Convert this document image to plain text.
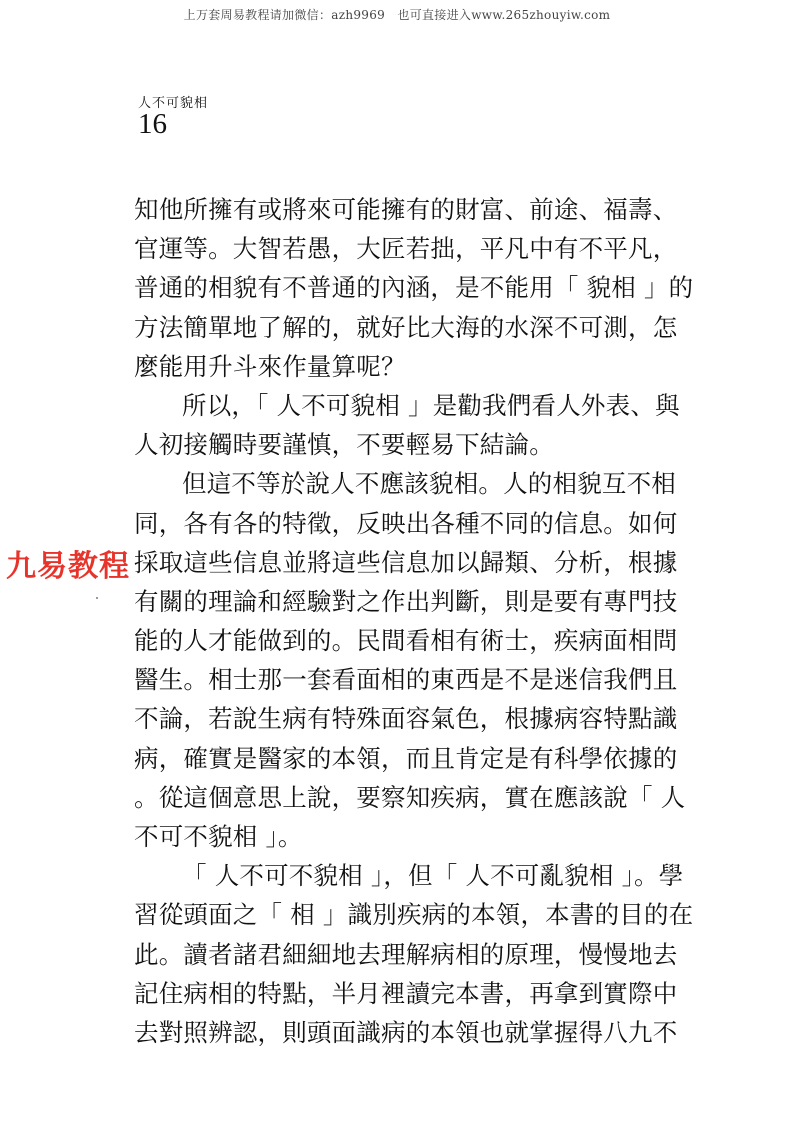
上万套周易教程请加微信：azh9969　也可直接进入www.265zhouyiw.com
人不可貌相
16
知他所擁有或將來可能擁有的財富、前途、福壽、
官運等。大智若愚，大匠若拙，平凡中有不平凡，
普通的相貌有不普通的內涵，是不能用「 貌相 」的
方法簡單地了解的，就好比大海的水深不可測，怎
麼能用升斗來作量算呢？
所以，「 人不可貌相 」是勸我們看人外表、與
人初接觸時要謹慎，不要輕易下結論。
但這不等於說人不應該貌相。人的相貌互不相
同，各有各的特徵，反映出各種不同的信息。如何
採取這些信息並將這些信息加以歸類、分析，根據
有關的理論和經驗對之作出判斷，則是要有專門技
能的人才能做到的。民間看相有術士，疾病面相問
醫生。相士那一套看面相的東西是不是迷信我們且
不論，若說生病有特殊面容氣色，根據病容特點識
病，確實是醫家的本領，而且肯定是有科學依據的
。從這個意思上說，要察知疾病，實在應該說「 人
不可不貌相 」。
「 人不可不貌相 」，但「 人不可亂貌相 」。學
習從頭面之「 相 」識別疾病的本領，本書的目的在
此。讀者諸君細細地去理解病相的原理，慢慢地去
記住病相的特點，半月裡讀完本書，再拿到實際中
去對照辨認，則頭面識病的本領也就掌握得八九不
九易教程
